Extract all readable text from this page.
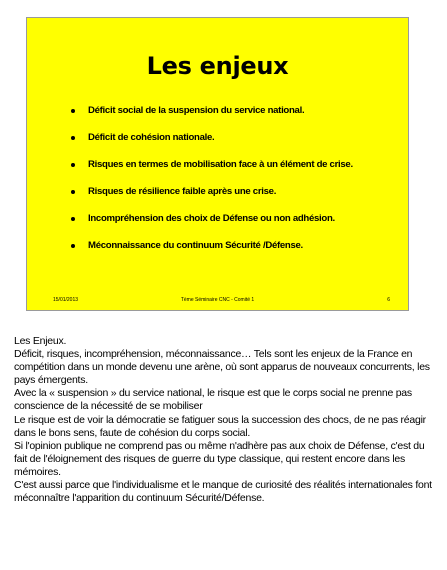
Les enjeux
Déficit social de la suspension du service national.
Déficit de cohésion nationale.
Risques en termes de mobilisation face à un élément de crise.
Risques de résilience faible après une crise.
Incompréhension des choix de Défense ou non adhésion.
Méconnaissance du continuum Sécurité /Défense.
15/01/2013	Tème Séminaire CNC - Comité 1	6

Les Enjeux.

Déficit, risques, incompréhension, méconnaissance… Tels sont les enjeux de la France en compétition dans un monde devenu une arène, où sont apparus de nouveaux concurrents, les pays émergents.

Avec la « suspension » du service national, le risque est que le corps social ne prenne pas conscience de la nécessité de se mobiliser

Le risque est de voir la démocratie se fatiguer sous la succession des chocs, de ne pas réagir dans le bons sens, faute de cohésion du corps social.

Si l'opinion publique ne comprend pas ou même n'adhère pas aux choix de Défense, c'est du fait de l'éloignement des risques de guerre du type classique, qui restent encore dans les mémoires.

C'est aussi parce que l'individualisme et le manque de curiosité des réalités internationales font méconnaître l'apparition du continuum Sécurité/Défense.
